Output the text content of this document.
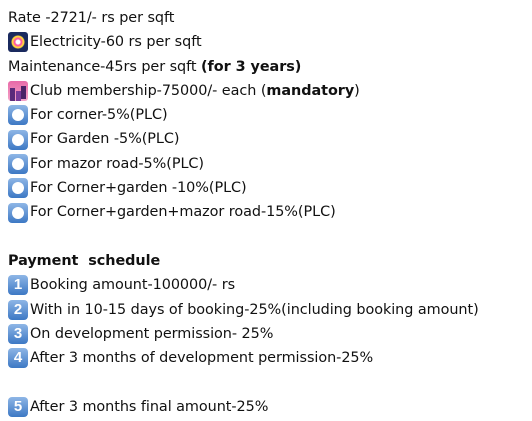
Rate -2721/- rs per sqft
Electricity-60 rs per sqft
Maintenance-45rs per sqft (for 3 years)
Club membership-75000/- each ( mandatory )
For corner-5%(PLC)
For Garden -5%(PLC)
For mazor road-5%(PLC)
For Corner+garden -10%(PLC)
For Corner+garden+mazor road-15%(PLC)
Payment  schedule
1 Booking amount-100000/- rs
2 With in 10-15 days of booking-25%(including booking amount)
3 On development permission- 25%
4 After 3 months of development permission-25%
5 After 3 months final amount-25%
